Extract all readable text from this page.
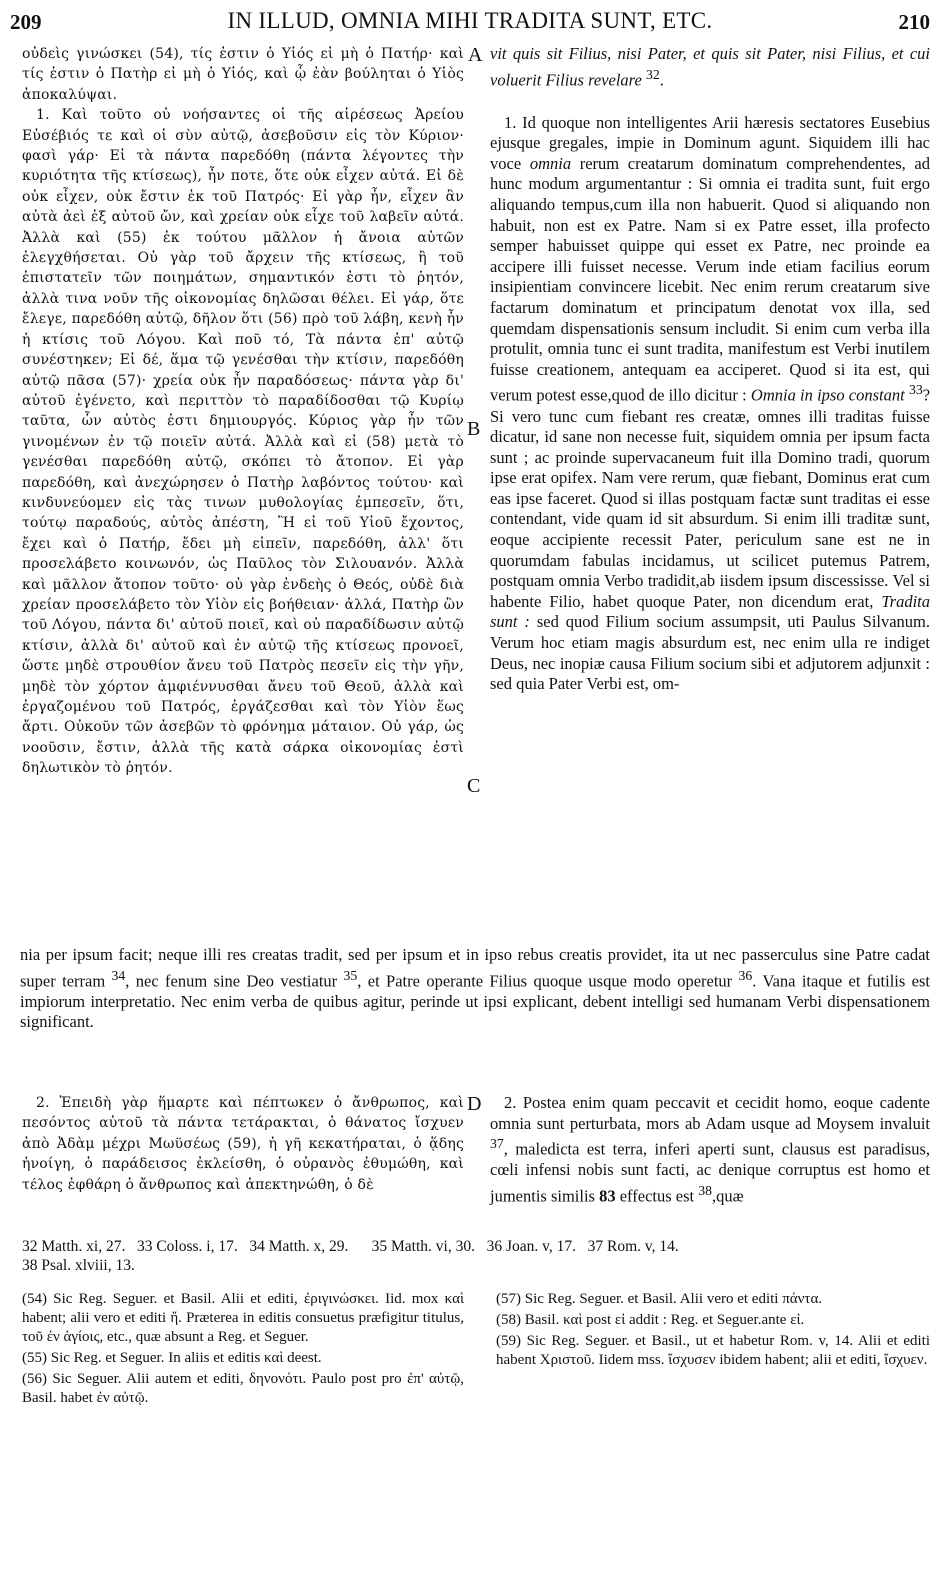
209	IN ILLUD, OMNIA MIHI TRADITA SUNT, ETC.	210

οὐδεὶς γινώσκει (54), τίς ἐστιν ὁ Υἱός εἰ μὴ ὁ Πατήρ· καὶ τίς ἐστιν ὁ Πατὴρ εἰ μὴ ὁ Υἱός, καὶ ᾧ ἐὰν βούληται ὁ Υἱὸς ἀποκαλύψαι.

1. Καὶ τοῦτο οὐ νοήσαντες οἱ τῆς αἱρέσεως Ἀρείου Εὐσέβιός τε καὶ οἱ σὺν αὐτῷ, ἀσεβοῦσιν εἰς τὸν Κύριον· φασὶ γάρ· Εἰ τὰ πάντα παρεδόθη (πάντα λέγοντες τὴν κυριότητα τῆς κτίσεως), ἦν ποτε, ὅτε οὐκ εἶχεν αὐτά. Εἰ δὲ οὐκ εἶχεν, οὐκ ἔστιν ἐκ τοῦ Πατρός· Εἰ γὰρ ἦν, εἶχεν ἂν αὐτὰ ἀεὶ ἐξ αὐτοῦ ὤν, καὶ χρείαν οὐκ εἶχε τοῦ λαβεῖν αὐτά. Ἀλλὰ καὶ (55) ἐκ τούτου μᾶλλον ἡ ἄνοια αὐτῶν ἐλεγχθήσεται. Οὐ γὰρ τοῦ ἄρχειν τῆς κτίσεως, ἢ τοῦ ἐπιστατεῖν τῶν ποιημάτων, σημαντικόν ἐστι τὸ ῥητόν, ἀλλὰ τινα νοῦν τῆς οἰκονομίας δηλῶσαι θέλει. Εἰ γάρ, ὅτε ἔλεγε, παρεδόθη αὐτῷ, δῆλον ὅτι (56) πρὸ τοῦ λάβη, κενὴ ἦν ἡ κτίσις τοῦ Λόγου. Καὶ ποῦ τό, Τὰ πάντα ἐπ' αὐτῷ συνέστηκεν; Εἰ δέ, ἅμα τῷ γενέσθαι τὴν κτίσιν, παρεδόθη αὐτῷ πᾶσα (57)· χρεία οὐκ ἦν παραδόσεως· πάντα γὰρ δι' αὐτοῦ ἐγένετο, καὶ περιττὸν τὸ παραδίδοσθαι τῷ Κυρίῳ ταῦτα, ὧν αὐτὸς ἐστι δημιουργός. Κύριος γὰρ ἦν τῶν γινομένων ἐν τῷ ποιεῖν αὐτά. Ἀλλὰ καὶ εἰ (58) μετὰ τὸ γενέσθαι παρεδόθη αὐτῷ, σκόπει τὸ ἄτοπον. Εἰ γὰρ παρεδόθη, καὶ ἀνεχώρησεν ὁ Πατὴρ λαβόντος τούτου· καὶ κινδυνεύομεν εἰς τὰς τινων μυθολογίας ἐμπεσεῖν, ὅτι, τούτῳ παραδούς, αὐτὸς ἀπέστη, Ἢ εἰ τοῦ Υἱοῦ ἔχοντος, ἔχει καὶ ὁ Πατήρ, ἔδει μὴ εἰπεῖν, παρεδόθη, ἀλλ' ὅτι προσελάβετο κοινωνόν, ὡς Παῦλος τὸν Σιλουανόν. Ἀλλὰ καὶ μᾶλλον ἄτοπον τοῦτο· οὐ γὰρ ἐνδεὴς ὁ Θεός, οὐδὲ διὰ χρείαν προσελάβετο τὸν Υἱὸν εἰς βοήθειαν· ἀλλά, Πατὴρ ὢν τοῦ Λόγου, πάντα δι' αὐτοῦ ποιεῖ, καὶ οὐ παραδίδωσιν αὐτῷ κτίσιν, ἀλλὰ δι' αὐτοῦ καὶ ἐν αὐτῷ τῆς κτίσεως προνοεῖ, ὥστε μηδὲ στρουθίον ἄνευ τοῦ Πατρὸς πεσεῖν εἰς τὴν γῆν, μηδὲ τὸν χόρτον ἀμφιέννυσθαι ἄνευ τοῦ Θεοῦ, ἀλλὰ καὶ ἐργαζομένου τοῦ Πατρός, ἐργάζεσθαι καὶ τὸν Υἱὸν ἕως ἄρτι. Οὐκοῦν τῶν ἀσεβῶν τὸ φρόνημα μάταιον. Οὐ γάρ, ὡς νοοῦσιν, ἔστιν, ἀλλὰ τῆς κατὰ σάρκα οἰκονομίας ἐστὶ δηλωτικὸν τὸ ῥητόν.

A
B
C
D

vit quis sit Filius, nisi Pater, et quis sit Pater, nisi Filius, et cui voluerit Filius revelare $^{32}$.

1. Id quoque non intelligentes Arii hæresis sectatores Eusebius ejusque gregales, impie in Dominum agunt. Siquidem illi hac voce omnia rerum creatarum dominatum comprehendentes, ad hunc modum argumentantur : Si omnia ei tradita sunt, fuit ergo aliquando tempus,cum illa non habuerit. Quod si aliquando non habuit, non est ex Patre. Nam si ex Patre esset, illa profecto semper habuisset quippe qui esset ex Patre, nec proinde ea accipere illi fuisset necesse. Verum inde etiam facilius eorum insipientiam convincere licebit. Nec enim rerum creatarum sive factarum dominatum et principatum denotat vox illa, sed quemdam dispensationis sensum includit. Si enim cum verba illa protulit, omnia tunc ei sunt tradita, manifestum est Verbi inutilem fuisse creationem, antequam ea acciperet. Quod si ita est, qui verum potest esse,quod de illo dicitur : Omnia in ipso constant $^{33}$? Si vero tunc cum fiebant res creatæ, omnes illi traditas fuisse dicatur, id sane non necesse fuit, siquidem omnia per ipsum facta sunt ; ac proinde supervacaneum fuit illa Domino tradi, quorum ipse erat opifex. Nam vere rerum, quæ fiebant, Dominus erat cum eas ipse faceret. Quod si illas postquam factæ sunt traditas ei esse contendant, vide quam id sit absurdum. Si enim illi traditæ sunt, eoque accipiente recessit Pater, periculum sane est ne in quorumdam fabulas incidamus, ut scilicet putemus Patrem, postquam omnia Verbo tradidit,ab iisdem ipsum discessisse. Vel si habente Filio, habet quoque Pater, non dicendum erat, Tradita sunt : sed quod Filium socium assumpsit, uti Paulus Silvanum. Verum hoc etiam magis absurdum est, nec enim ulla re indiget Deus, nec inopiæ causa Filium socium sibi et adjutorem adjunxit : sed quia Pater Verbi est, om-

nia per ipsum facit; neque illi res creatas tradit, sed per ipsum et in ipso rebus creatis providet, ita ut nec passerculus sine Patre cadat super terram $^{34}$, nec fenum sine Deo vestiatur $^{35}$, et Patre operante Filius quoque usque modo operetur $^{36}$. Vana itaque et futilis est impiorum interpretatio. Nec enim verba de quibus agitur, perinde ut ipsi explicant, debent intelligi sed humanam Verbi dispensationem significant.

2. Ἐπειδὴ γὰρ ἥμαρτε καὶ πέπτωκεν ὁ ἄνθρωπος, καὶ πεσόντος αὐτοῦ τὰ πάντα τετάρακται, ὁ θάνατος ἴσχυεν ἀπὸ Ἀδὰμ μέχρι Μωϋσέως (59), ἡ γῆ κεκατήραται, ὁ ᾅδης ἠνοίγη, ὁ παράδεισος ἐκλείσθη, ὁ οὐρανὸς ἐθυμώθη, καὶ τέλος ἐφθάρη ὁ ἄνθρωπος καὶ ἀπεκτηνώθη, ὁ δὲ

2. Postea enim quam peccavit et cecidit homo, eoque cadente omnia sunt perturbata, mors ab Adam usque ad Moysem invaluit $^{37}$, maledicta est terra, inferi aperti sunt, clausus est paradisus, cœli infensi nobis sunt facti, ac denique corruptus est homo et jumentis similis 83 effectus est $^{38}$,quæ

32 Matth. xi, 27. 33 Coloss. i, 17. 34 Matth. x, 29. 35 Matth. vi, 30. 36 Joan. v, 17. 37 Rom. v, 14.
38 Psal. xlviii, 13.

(54) Sic Reg. Seguer. et Basil. Alii et editi, ἐριγινώσκει. Iid. mox καὶ habent; alii vero et editi ἤ. Præterea in editis consuetus præfigitur titulus, τοῦ ἐν ἁγίοις, etc., quæ absunt a Reg. et Seguer.

(55) Sic Reg. et Seguer. In aliis et editis καὶ deest.

(56) Sic Seguer. Alii autem et editi, δηνονότι. Paulo post pro ἐπ' αὐτῷ, Basil. habet ἐν αὐτῷ.

(57) Sic Reg. Seguer. et Basil. Alii vero et editi πάντα.

(58) Basil. καὶ post εἰ addit : Reg. et Seguer.ante εἰ.

(59) Sic Reg. Seguer. et Basil., ut et habetur Rom. v, 14. Alii et editi habent Χριστοῦ. Iidem mss. ἴσχυσεν ibidem habent; alii et editi, ἴσχυεν.
